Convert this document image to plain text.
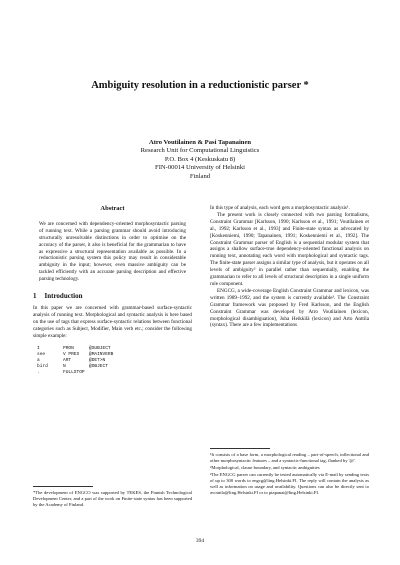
Ambiguity resolution in a reductionistic parser *
Atro Voutilainen & Pasi Tapanainen
Research Unit for Computational Linguistics
P.O. Box 4 (Keskuskatu 8)
FIN-00014 University of Helsinki
Finland
Abstract

We are concerned with dependency-oriented morphosyntactic parsing of running text. While a parsing grammar should avoid introducing structurally unresolvable distinctions in order to optimise on the accuracy of the parser, it also is beneficial for the grammarian to have as expressive a structural representation available as possible. In a reductionistic parsing system this policy may result in considerable ambiguity in the input; however, even massive ambiguity can be tackled efficiently with an accurate parsing description and effective parsing technology.

1 Introduction

In this paper we are concerned with grammar-based surface-syntactic analysis of running text. Morphological and syntactic analysis is here based on the use of tags that express surface-syntactic relations between functional categories such as Subject, Modifier, Main verb etc.; consider the following simple example:

I	PRON	@SUBJECT
see	V PRES	@MAINVERB
a	ART	@DET>N
bird	N	@OBJECT
.	FULLSTOP

In this type of analysis, each word gets a morphosyntactic analysis¹.

The present work is closely connected with two parsing formalisms, Constraint Grammar [Karlsson, 1990; Karlsson et al., 1991; Voutilainen et al., 1992; Karlsson et al., 1993] and Finite-state syntax as advocated by [Koskenniemi, 1990; Tapanainen, 1991; Koskenniemi et al., 1992]. The Constraint Grammar parser of English is a sequential modular system that assigns a shallow surface-true dependency-oriented functional analysis on running text, annotating each word with morphological and syntactic tags. The finite-state parser assigns a similar type of analysis, but it operates on all levels of ambiguity² in parallel rather than sequentially, enabling the grammarian to refer to all levels of structural description in a single uniform rule component.

ENGCG, a wide-coverage English Constraint Grammar and lexicon, was written 1989–1992, and the system is currently available³. The Constraint Grammar framework was proposed by Fred Karlsson, and the English Constraint Grammar was developed by Atro Voutilainen (lexicon, morphological disambiguation), Juha Heikkilä (lexicon) and Arto Anttila (syntax). There are a few implementations

*The development of ENGCO was supported by TEKES, the Finnish Technological Development Center, and a part of the work on Finite-state syntax has been supported by the Academy of Finland.

¹It consists of a base form, a morphological reading – part-of-speech, inflectional and other morphosyntactic features – and a syntactic-functional tag, flanked by '@'.

²Morphological, clause boundary, and syntactic ambiguities

³The ENGCG parser can currently be tested automatically via E-mail by sending texts of up to 300 words to engcg@ling.Helsinki.FI. The reply will contain the analysis as well as information on usage and availability. Questions can also be directly sent to avoutila@ling.Helsinki.FI or to ptapanai@ling.Helsinki.FI.

394
